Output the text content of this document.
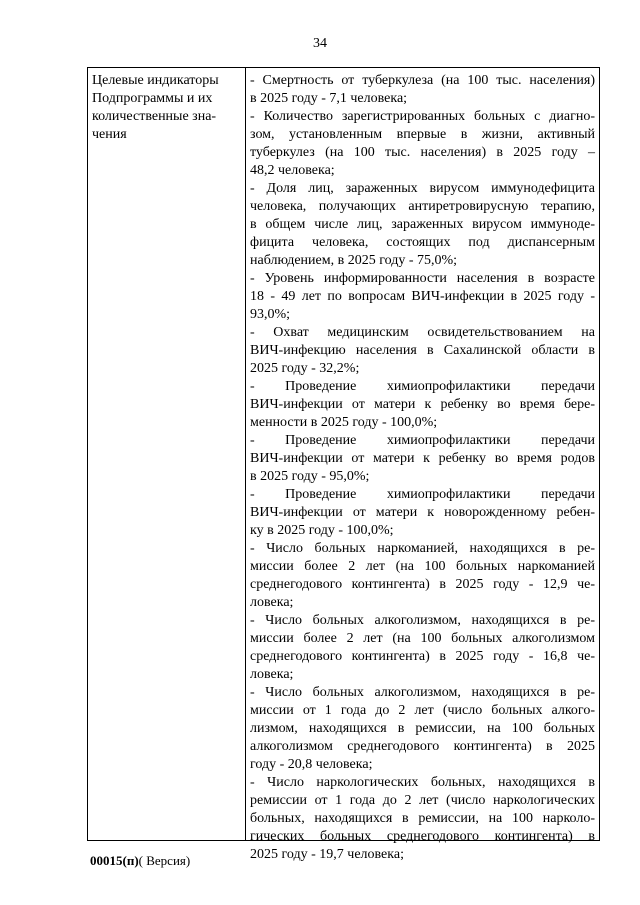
34
Целевые индикаторы
Подпрограммы и их
количественные зна-
чения
- Смертность от туберкулеза (на 100 тыс. населения)
в 2025 году - 7,1 человека;
- Количество зарегистрированных больных с диагно-
зом, установленным впервые в жизни, активный
туберкулез (на 100 тыс. населения) в 2025 году –
48,2 человека;
- Доля лиц, зараженных вирусом иммунодефицита
человека, получающих антиретровирусную терапию,
в общем числе лиц, зараженных вирусом иммуноде-
фицита человека, состоящих под диспансерным
наблюдением, в 2025 году - 75,0%;
- Уровень информированности населения в возрасте
18 - 49 лет по вопросам ВИЧ-инфекции в 2025 году -
93,0%;
- Охват медицинским освидетельствованием на
ВИЧ-инфекцию населения в Сахалинской области в
2025 году - 32,2%;
- Проведение химиопрофилактики передачи
ВИЧ-инфекции от матери к ребенку во время бере-
менности в 2025 году - 100,0%;
- Проведение химиопрофилактики передачи
ВИЧ-инфекции от матери к ребенку во время родов
в 2025 году - 95,0%;
- Проведение химиопрофилактики передачи
ВИЧ-инфекции от матери к новорожденному ребен-
ку в 2025 году - 100,0%;
- Число больных наркоманией, находящихся в ре-
миссии более 2 лет (на 100 больных наркоманией
среднегодового контингента) в 2025 году - 12,9 че-
ловека;
- Число больных алкоголизмом, находящихся в ре-
миссии более 2 лет (на 100 больных алкоголизмом
среднегодового контингента) в 2025 году - 16,8 че-
ловека;
- Число больных алкоголизмом, находящихся в ре-
миссии от 1 года до 2 лет (число больных алкого-
лизмом, находящихся в ремиссии, на 100 больных
алкоголизмом среднегодового контингента) в 2025
году - 20,8 человека;
- Число наркологических больных, находящихся в
ремиссии от 1 года до 2 лет (число наркологических
больных, находящихся в ремиссии, на 100 нарколо-
гических больных среднегодового контингента) в
2025 году - 19,7 человека;
00015(п)( Версия)
